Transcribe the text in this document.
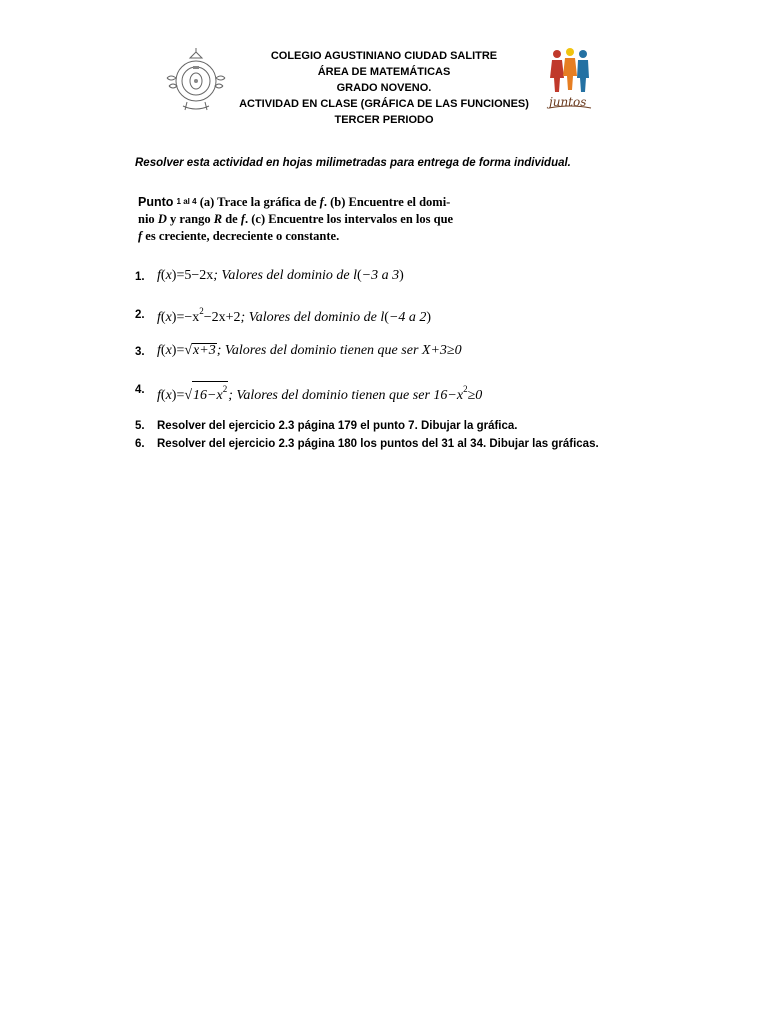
juntos
COLEGIO AGUSTINIANO CIUDAD SALITRE
ÁREA DE MATEMÁTICAS
GRADO NOVENO.
ACTIVIDAD EN CLASE (GRÁFICA DE LAS FUNCIONES)
TERCER PERIODO
Resolver esta actividad en hojas milimetradas para entrega de forma individual.
Punto 1 al 4 (a) Trace la gráfica de f. (b) Encuentre el domi-
nio D y rango R de f. (c) Encuentre los intervalos en los que
f es creciente, decreciente o constante.
1. f(x)=5−2x; Valores del dominio de l(−3 a 3)
2. $f(x)=-x^2-2x+2$; Valores del dominio de l(−4 a 2)
3. f(x)=√x+3; Valores del dominio tienen que ser X+3≥0
4. $f(x)=√16-x^2$; Valores del dominio tienen que ser $16-x^2\ge 0$
5. Resolver del ejercicio 2.3 página 179 el punto 7. Dibujar la gráfica.
6. Resolver del ejercicio 2.3 página 180 los puntos del 31 al 34. Dibujar las gráficas.
